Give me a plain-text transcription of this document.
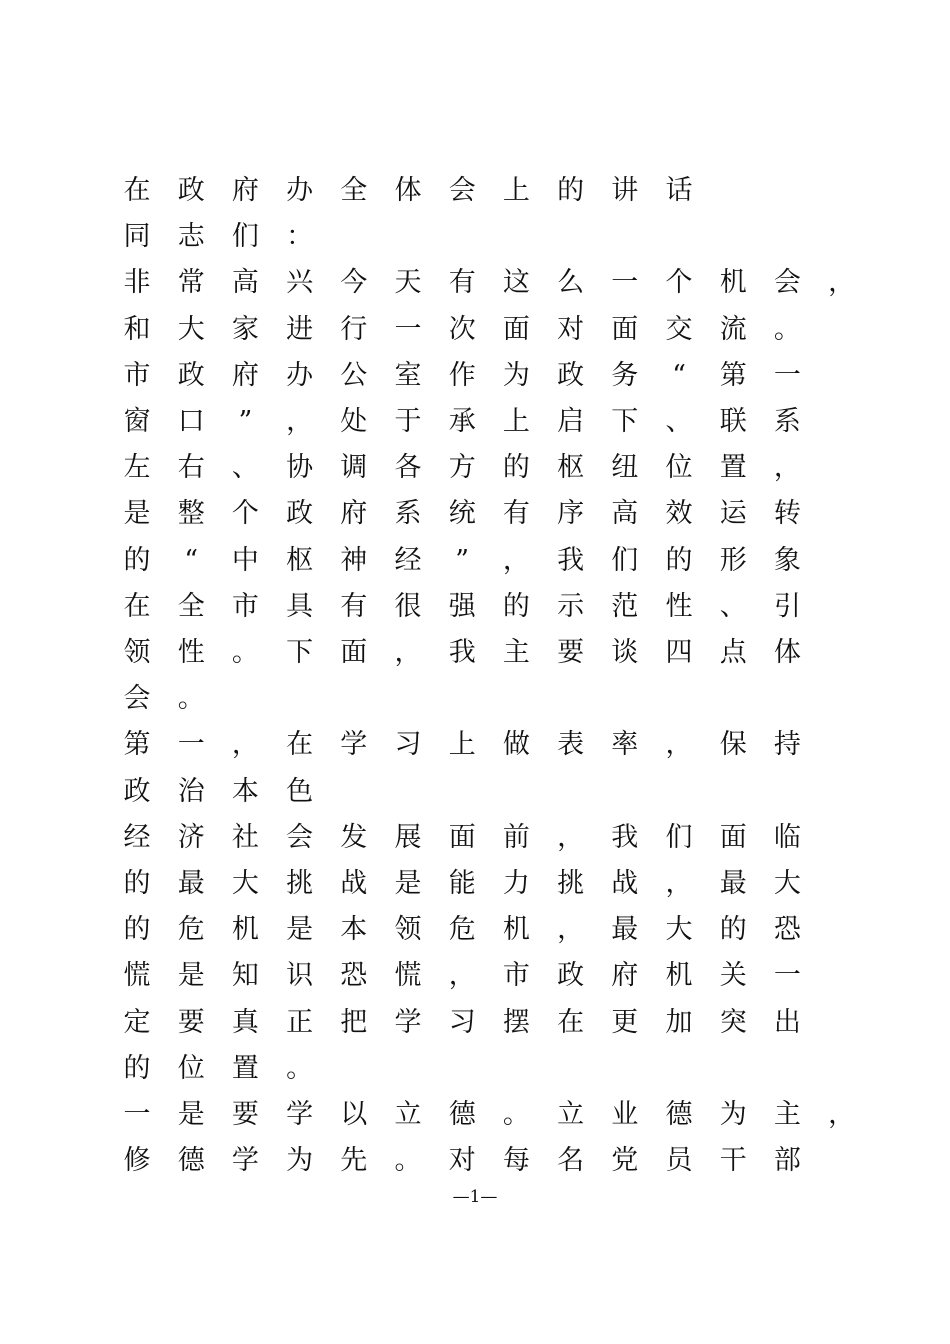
在 政 府 办 全 体 会 上 的 讲 话
同 志 们 ：
非 常 高 兴 今 天 有 这 么 一 个 机 会 ，
和 大 家 进 行 一 次 面 对 面 交 流 。
市 政 府 办 公 室 作 为 政 务 “ 第 一
窗 口 ” ， 处 于 承 上 启 下 、 联 系
左 右 、 协 调 各 方 的 枢 纽 位 置 ，
是 整 个 政 府 系 统 有 序 高 效 运 转
的 “ 中 枢 神 经 ” ， 我 们 的 形 象
在 全 市 具 有 很 强 的 示 范 性 、 引
领 性 。 下 面 ， 我 主 要 谈 四 点 体
会 。
第 一 ， 在 学 习 上 做 表 率 ， 保 持
政 治 本 色
经 济 社 会 发 展 面 前 ， 我 们 面 临
的 最 大 挑 战 是 能 力 挑 战 ， 最 大
的 危 机 是 本 领 危 机 ， 最 大 的 恐
慌 是 知 识 恐 慌 ， 市 政 府 机 关 一
定 要 真 正 把 学 习 摆 在 更 加 突 出
的 位 置 。
一 是 要 学 以 立 德 。 立 业 德 为 主 ，
修 德 学 为 先 。 对 每 名 党 员 干 部
—1—
